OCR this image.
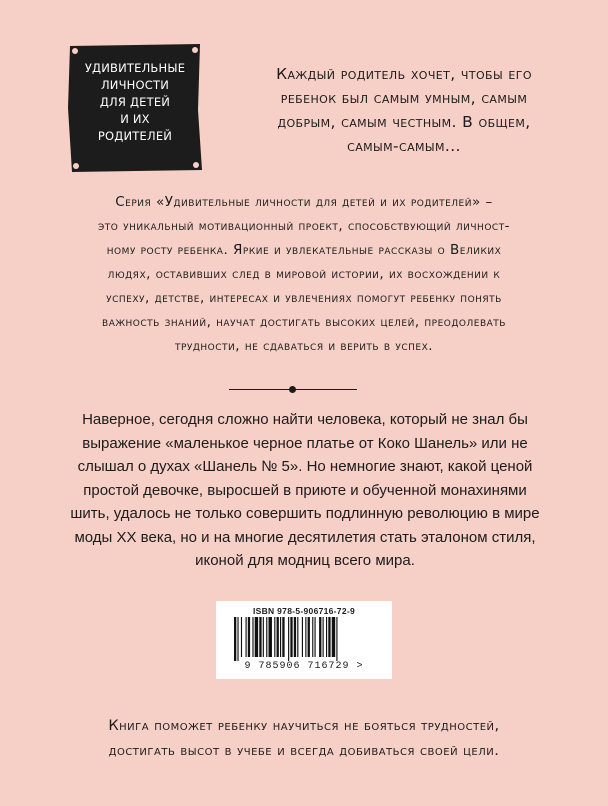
УДИВИТЕЛЬНЫЕ
ЛИЧНОСТИ
ДЛЯ ДЕТЕЙ
И ИХ
РОДИТЕЛЕЙ
Каждый родитель хочет, чтобы его
ребенок был самым умным, самым
добрым, самым честным. В общем,
самым-самым...
Серия «Удивительные личности для детей и их родителей» –
это уникальный мотивационный проект, способствующий личност-
ному росту ребенка. Яркие и увлекательные рассказы о Великих
людях, оставивших след в мировой истории, их восхождении к
успеху, детстве, интересах и увлечениях помогут ребенку понять
важность знаний, научат достигать высоких целей, преодолевать
трудности, не сдаваться и верить в успех.
Наверное, сегодня сложно найти человека, который не знал бы
выражение «маленькое черное платье от Коко Шанель» или не
слышал о духах «Шанель № 5». Но немногие знают, какой ценой
простой девочке, выросшей в приюте и обученной монахинями
шить, удалось не только совершить подлинную революцию в мире
моды XX века, но и на многие десятилетия стать эталоном стиля,
иконой для модниц всего мира.
ISBN 978-5-906716-72-9
9 785906 716729 >
Книга поможет ребенку научиться не бояться трудностей,
достигать высот в учебе и всегда добиваться своей цели.
